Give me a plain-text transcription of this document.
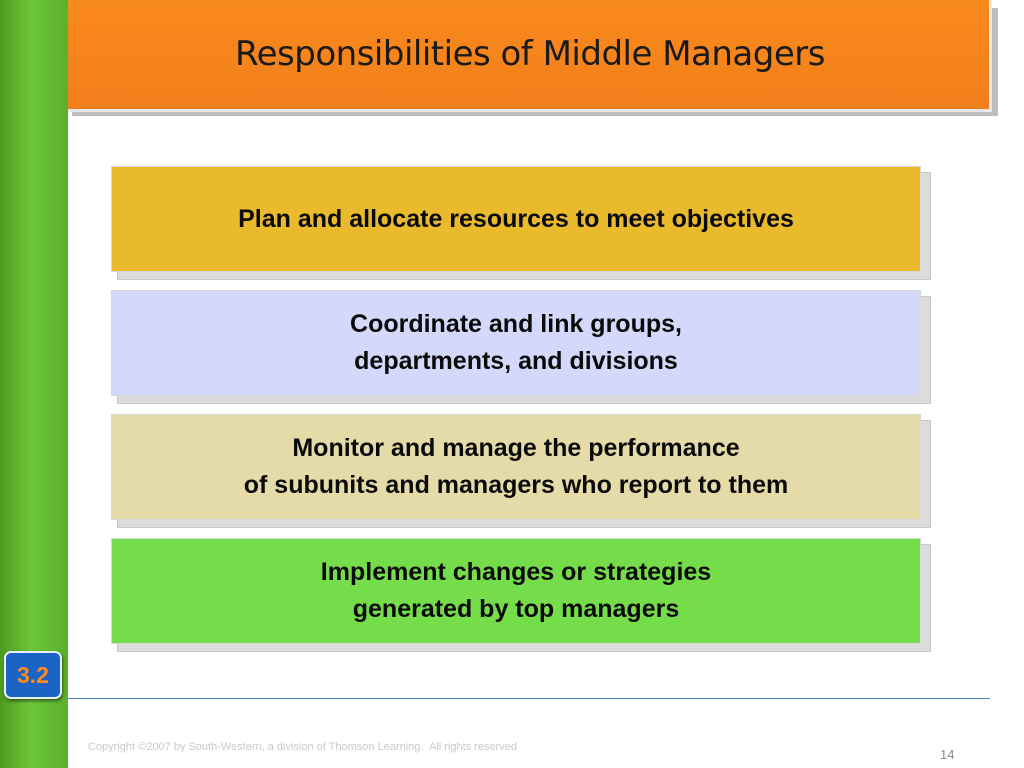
Responsibilities of Middle Managers
Plan and allocate resources to meet objectives
Coordinate and link groups,
departments, and divisions
Monitor and manage the performance
of subunits and managers who report to them
Implement changes or strategies
generated by top managers
3.2
Copyright ©2007 by South-Western, a division of Thomson Learning.  All rights reserved	14
